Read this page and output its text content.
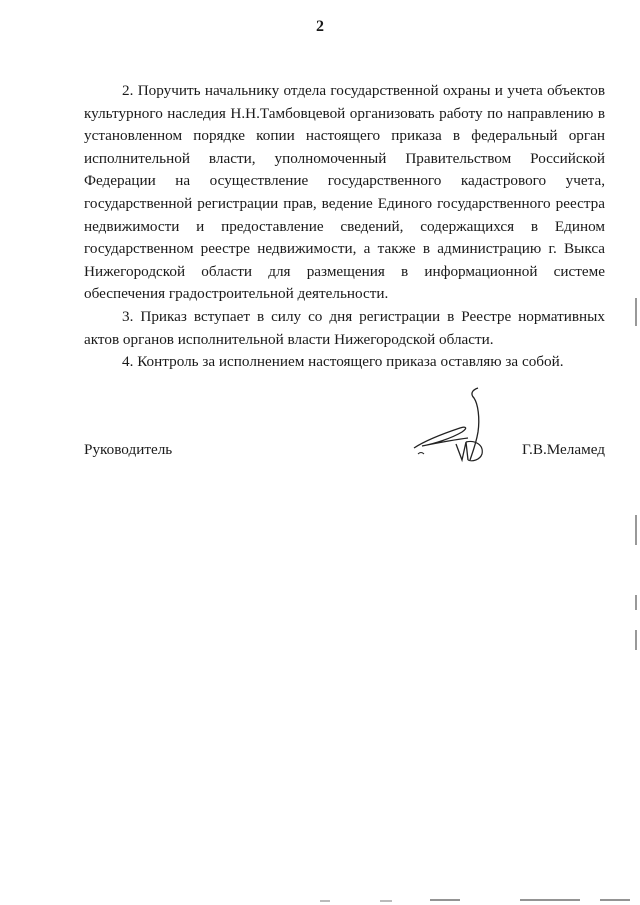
2

2. Поручить начальнику отдела государственной охраны и учета объектов культурного наследия Н.Н.Тамбовцевой организовать работу по направлению в установленном порядке копии настоящего приказа в федеральный орган исполнительной власти, уполномоченный Правительством Российской Федерации на осуществление государственного кадастрового учета, государственной регистрации прав, ведение Единого государственного реестра недвижимости и предоставление сведений, содержащихся в Едином государственном реестре недвижимости, а также в администрацию г. Выкса Нижегородской области для размещения в информационной системе обеспечения градостроительной деятельности.

3. Приказ вступает в силу со дня регистрации в Реестре нормативных актов органов исполнительной власти Нижегородской области.

4. Контроль за исполнением настоящего приказа оставляю за собой.

Руководитель	Г.В.Меламед
